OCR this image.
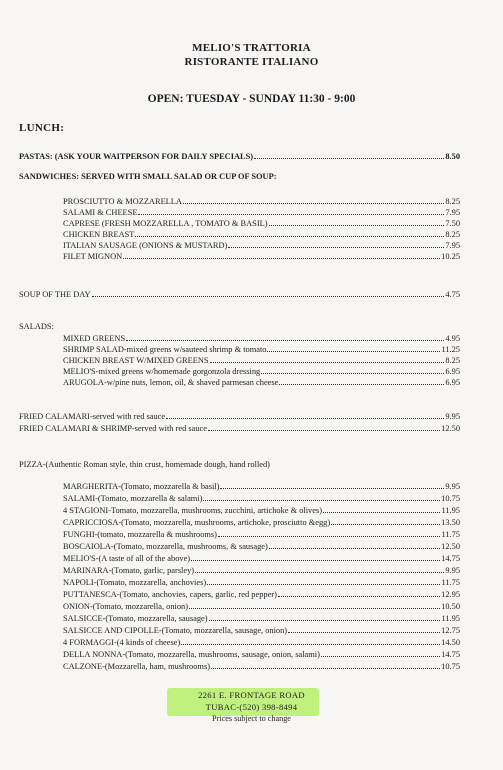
MELIO'S TRATTORIA
RISTORANTE ITALIANO
OPEN: TUESDAY - SUNDAY 11:30 - 9:00
LUNCH:
PASTAS: (ASK YOUR WAITPERSON FOR DAILY SPECIALS)	8.50
SANDWICHES: SERVED WITH SMALL SALAD OR CUP OF SOUP:
PROSCIUTTO & MOZZARELLA	8.25
SALAMI & CHEESE	7.95
CAPRESE (FRESH MOZZARELLA , TOMATO & BASIL)	7.50
CHICKEN BREAST	8.25
ITALIAN SAUSAGE (ONIONS & MUSTARD)	7.95
FILET MIGNON	10.25
SOUP OF THE DAY	4.75
SALADS:
MIXED GREENS	4.95
SHRIMP SALAD-mixed greens w/sauteed shrimp & tomato	11.25
CHICKEN BREAST W/MIXED GREENS	8.25
MELIO'S-mixed greens w/homemade gorgonzola dressing	6.95
ARUGOLA-w/pine nuts, lemon, oil, & shaved parmesan cheese	6.95
FRIED CALAMARI-served with red sauce	9.95
FRIED CALAMARI & SHRIMP-served with red sauce	12.50
PIZZA-(Authentic Roman style, thin crust, homemade dough, hand rolled)
MARGHERITA-(Tomato, mozzarella & basil)	9.95
SALAMI-(Tomato, mozzarella & salami)	10.75
4 STAGIONI-Tomato, mozzarella, mushrooms, zucchini, artichoke & olives)	11.95
CAPRICCIOSA-(Tomato, mozzarella, mushrooms, artichoke, prosciutto &egg)	13.50
FUNGHI-(tomato, mozzarella & mushrooms)	11.75
BOSCAIOLA-(Tomato, mozzarella, mushrooms, & sausage)	12.50
MELIO'S-(A taste of all of the above)	14.75
MARINARA-(Tomato, garlic, parsley)	9.95
NAPOLI-(Tomato, mozzarella, anchovies)	11.75
PUTTANESCA-(Tomato, anchovies, capers, garlic, red pepper)	12.95
ONION-(Tomato, mozzarella, onion)	10.50
SALSICCE-(Tomato, mozzarella, sausage)	11.95
SALSICCE AND CIPOLLE-(Tomato, mozzarella, sausage, onion)	12.75
4 FORMAGGI-(4 kinds of cheese)	14.50
DELLA NONNA-(Tomato, mozzarella, mushrooms, sausage, onion, salami)	14.75
CALZONE-(Mozzarella, ham, mushrooms)	10.75
2261 E. FRONTAGE ROAD
TUBAC-(520) 398-8494
Prices subject to change
